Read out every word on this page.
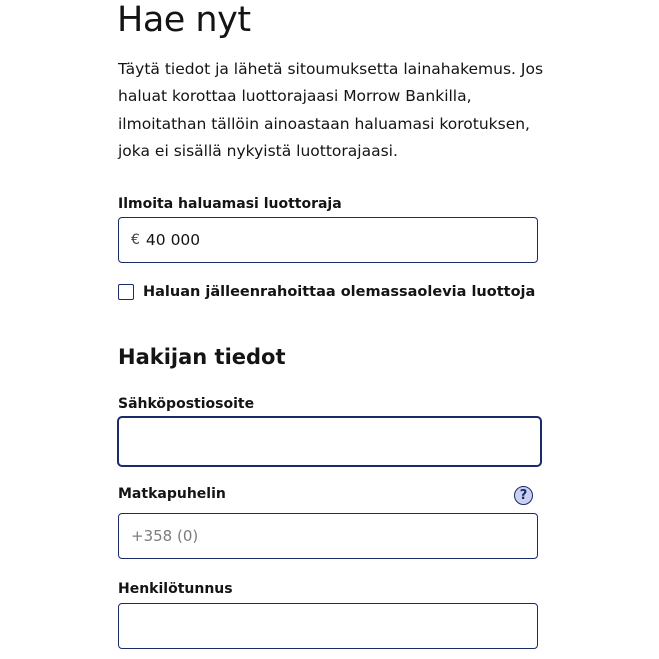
Hae nyt

Täytä tiedot ja lähetä sitoumuksetta lainahakemus. Jos haluat korottaa luottorajaasi Morrow Bankilla, ilmoitathan tällöin ainoastaan haluamasi korotuksen, joka ei sisällä nykyistä luottorajaasi.

Ilmoita haluamasi luottoraja
€ 40 000
Haluan jälleenrahoittaa olemassaolevia luottoja
Hakijan tiedot
Sähköpostiosoite
Matkapuhelin	?
+358 (0)
Henkilötunnus
